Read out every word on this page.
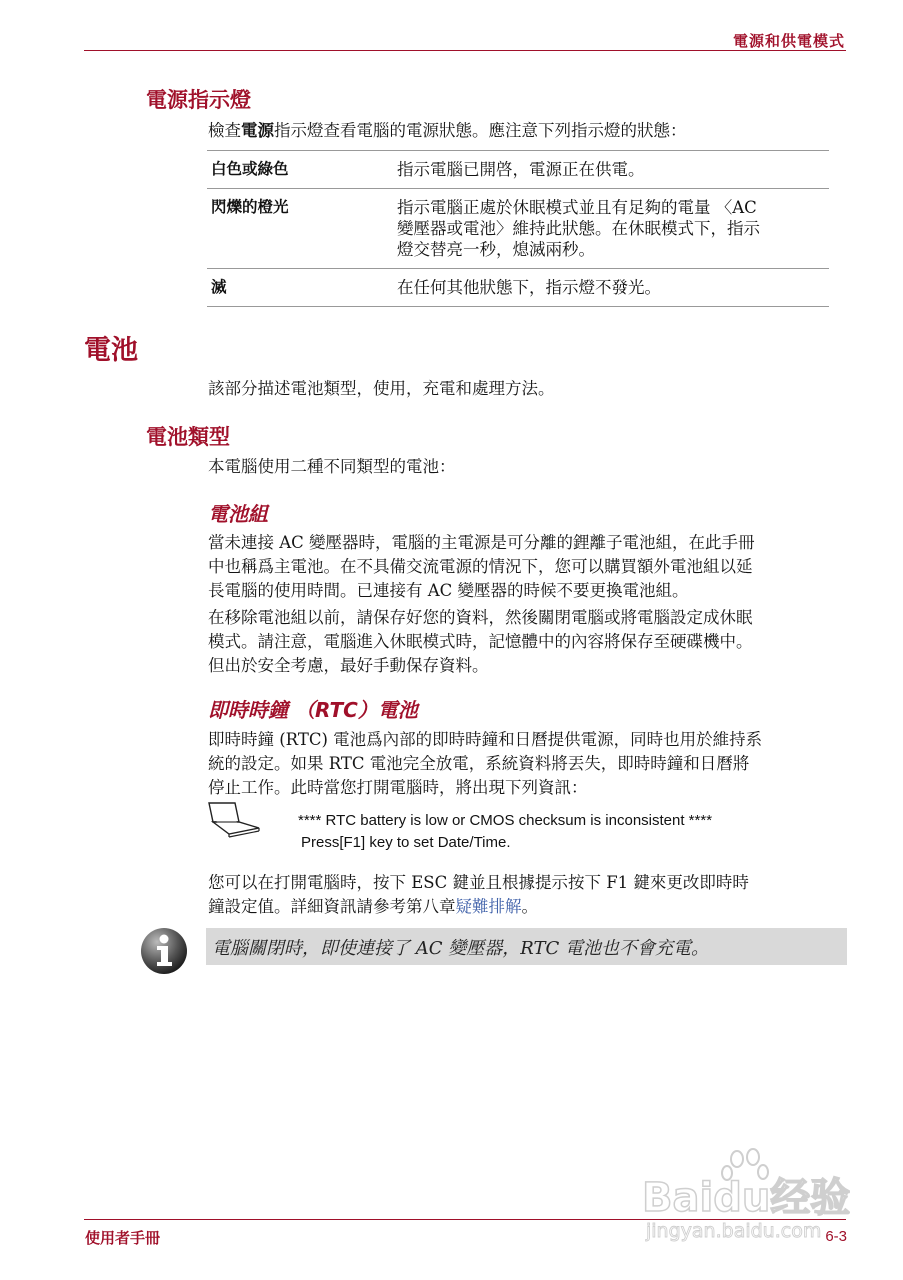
電源和供電模式
電源指示燈
檢查電源指示燈查看電腦的電源狀態。應注意下列指示燈的狀態：
白色或綠色	指示電腦已開啓，電源正在供電。
閃爍的橙光	指示電腦正處於休眠模式並且有足夠的電量 〈AC
變壓器或電池〉維持此狀態。在休眠模式下，指示
燈交替亮一秒，熄滅兩秒。
滅	在任何其他狀態下，指示燈不發光。
電池
該部分描述電池類型，使用，充電和處理方法。
電池類型
本電腦使用二種不同類型的電池：
電池組
當未連接 AC 變壓器時，電腦的主電源是可分離的鋰離子電池組，在此手冊
中也稱爲主電池。在不具備交流電源的情況下，您可以購買額外電池組以延
長電腦的使用時間。已連接有 AC 變壓器的時候不要更換電池組。
在移除電池組以前，請保存好您的資料，然後關閉電腦或將電腦設定成休眠
模式。請注意，電腦進入休眠模式時，記憶體中的內容將保存至硬碟機中。
但出於安全考慮，最好手動保存資料。
即時時鐘 （RTC）電池
即時時鐘 (RTC) 電池爲內部的即時時鐘和日曆提供電源，同時也用於維持系
統的設定。如果 RTC 電池完全放電，系統資料將丟失，即時時鐘和日曆將
停止工作。此時當您打開電腦時，將出現下列資訊：
**** RTC battery is low or CMOS checksum is inconsistent ****
Press[F1] key to set Date/Time.
您可以在打開電腦時，按下 ESC 鍵並且根據提示按下 F1 鍵來更改即時時
鐘設定值。詳細資訊請參考第八章疑難排解。
電腦關閉時，即使連接了 AC 變壓器，RTC 電池也不會充電。
Baidu经验
jingyan.baidu.com
使用者手冊	6-3
